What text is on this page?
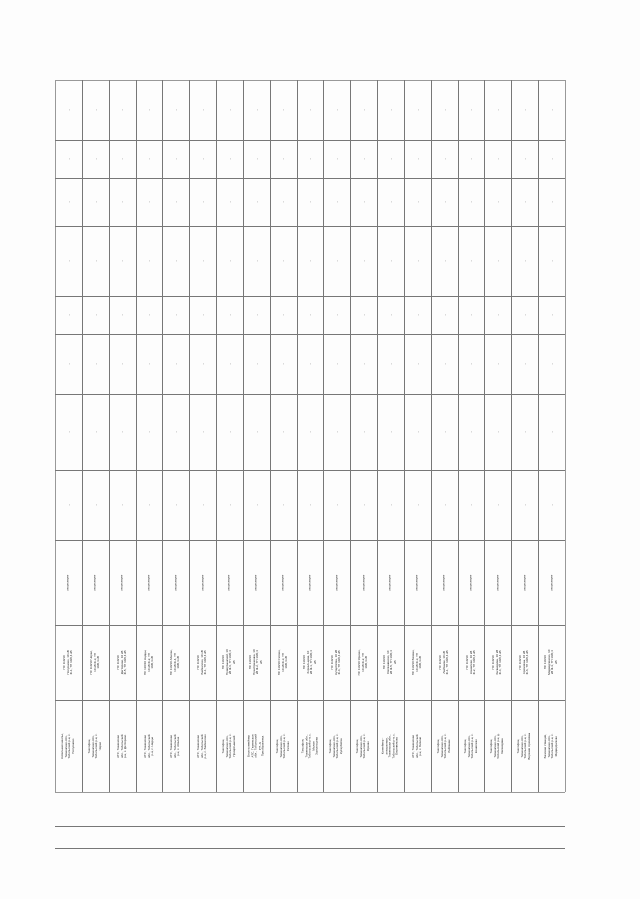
Котельная школы, Тюменская обл., Тобольский р-н, с. Полуяново
ПС 110/10 Полуяново, 10 кВ Ф-1, ТП 10/0,4 кВ
отсутствует
-
-
-
-
-
-
-
-
Таксофон, Тюменская обл., Тобольский р-н, с. Чирки
ПС 110/10 Чирки, 10 кВ Ф-3, ТП 10/0,4 кВ
отсутствует
-
-
-
-
-
-
-
-
АТС, Тюменская обл., Тобольский р-н, с. Дегтярево
ПС 110/10 Дегтярево, 10 кВ Ф-5, ТП 10/0,4 кВ
отсутствует
-
-
-
-
-
-
-
-
АТС, Тюменская обл., Тобольский р-н, с. Надцы
ПС 110/10 Надцы, 10 кВ Ф-2, ТП 10/0,4 кВ
отсутствует
-
-
-
-
-
-
-
-
АТС, Тюменская обл., Тобольский р-н, с. Абалак
ПС 110/10 Абалак, 10 кВ Ф-4, ТП 10/0,4 кВ
отсутствует
-
-
-
-
-
-
-
-
АТС, Тюменская обл., Тобольский р-н, с. Байкалово
ПС 110/10 Байкалово, 10 кВ Ф-1, ТП 10/0,4 кВ
отсутствует
-
-
-
-
-
-
-
-
Таксофон, Тюменская обл., Тобольский р-н, с. Прииртышский
ПС 110/10 Прииртышский, 10 кВ Ф-6, ТП 10/0,4 кВ
отсутствует
-
-
-
-
-
-
-
-
Блок-контейнер АТС, Тюменская обл., Тобольский р-н, д. Преображенка
ПС 110/10 Преображенка, 10 кВ Ф-2, ТП 10/0,4 кВ
отсутствует
-
-
-
-
-
-
-
-
Таксофон, Тюменская обл., Тобольский р-н, с. Сетово
ПС 110/10 Сетово, 10 кВ Ф-3, ТП 10/0,4 кВ
отсутствует
-
-
-
-
-
-
-
-
Таксофон, Тюменская обл., Тобольский р-н, с. Малая Зоркальцева
ПС 110/10 Зоркальцева, 10 кВ Ф-1, ТП 10/0,4 кВ
отсутствует
-
-
-
-
-
-
-
-
Таксофон, Тюменская обл., Тобольский р-н, с. Кутарбитка
ПС 110/10 Кутарбитка, 10 кВ Ф-4, ТП 10/0,4 кВ
отсутствует
-
-
-
-
-
-
-
-
Таксофон, Тюменская обл., Тобольский р-н, с. Ярково
ПС 110/10 Ярково, 10 кВ Ф-2, ТП 10/0,4 кВ
отсутствует
-
-
-
-
-
-
-
-
Контейнер - аппаратная, Тюменская обл., Тобольский р-н, с. Овсянниково
ПС 110/10 Овсянниково, 10 кВ Ф-5, ТП 10/0,4 кВ
отсутствует
-
-
-
-
-
-
-
-
АТС, Тюменская обл., Тобольский р-н, с. Бизино
ПС 110/10 Бизино, 10 кВ Ф-3, ТП 10/0,4 кВ
отсутствует
-
-
-
-
-
-
-
-
Таксофон, Тюменская обл., Тобольский р-н, с. Лайтамак
ПС 110/10 Лайтамак, 10 кВ Ф-1, ТП 10/0,4 кВ
отсутствует
-
-
-
-
-
-
-
-
Таксофон, Тюменская обл., Тобольский р-н, с. Кошелево
ПС 110/10 Кошелево, 10 кВ Ф-2, ТП 10/0,4 кВ
отсутствует
-
-
-
-
-
-
-
-
Таксофон, Тюменская обл., Тобольский р-н, д. Загваздина
ПС 110/10 Загваздина, 10 кВ Ф-4, ТП 10/0,4 кВ
отсутствует
-
-
-
-
-
-
-
-
Таксофон, Тюменская обл., Тобольский р-н, с. Верхние Аремзяны
ПС 110/10 Аремзяны, 10 кВ Ф-6, ТП 10/0,4 кВ
отсутствует
-
-
-
-
-
-
-
-
Базовая станция, Тюменская обл., Тобольский р-н, с. Медведчиково
ПС 110/10 Медведчиково, 10 кВ Ф-3, ТП 10/0,4 кВ
отсутствует
-
-
-
-
-
-
-
-
